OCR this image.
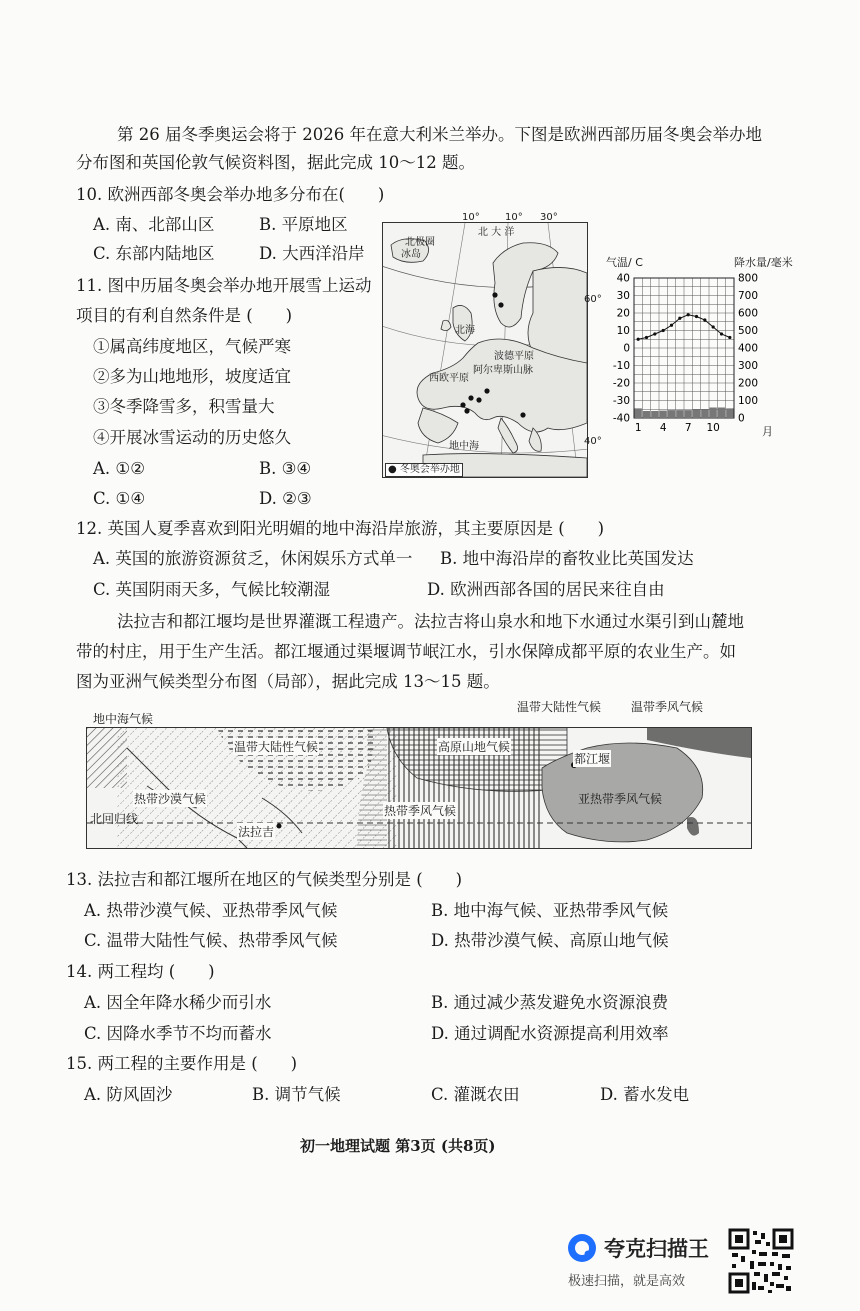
第 26 届冬季奥运会将于 2026 年在意大利米兰举办。下图是欧洲西部历届冬奥会举办地
分布图和英国伦敦气候资料图，据此完成 10～12 题。
10. 欧洲西部冬奥会举办地多分布在(　　)
A. 南、北部山区	B. 平原地区
C. 东部内陆地区	D. 大西洋沿岸
11. 图中历届冬奥会举办地开展雪上运动
项目的有利自然条件是 (　　)
①属高纬度地区，气候严寒
②多为山地地形，坡度适宜
③冬季降雪多，积雪量大
④开展冰雪运动的历史悠久
A. ①②	B. ③④
C. ①④	D. ②③
北极圈
冰岛
北 大 洋
北海
波德平原
阿尔卑斯山脉
西欧平原
地中海
● 冬奥会举办地
10°	10° 30°
60°
40°
气温/ C	降水量/毫米
月
40
30
20
10
0
-10
-20
-30
-40
800
700
600
500
400
300
200
100
0
1 4 7 10
12. 英国人夏季喜欢到阳光明媚的地中海沿岸旅游，其主要原因是 (　　)
A. 英国的旅游资源贫乏，休闲娱乐方式单一 B. 地中海沿岸的畜牧业比英国发达
C. 英国阴雨天多，气候比较潮湿	D. 欧洲西部各国的居民来往自由
法拉吉和都江堰均是世界灌溉工程遗产。法拉吉将山泉水和地下水通过水渠引到山麓地
带的村庄，用于生产生活。都江堰通过渠堰调节岷江水，引水保障成都平原的农业生产。如
图为亚洲气候类型分布图（局部），据此完成 13～15 题。
温带大陆性气候	高原山地气候
都江堰
热带沙漠气候
北回归线
法拉吉
热带季风气候
亚热带季风气候
地中海气候
温带大陆性气候 温带季风气候
13. 法拉吉和都江堰所在地区的气候类型分别是 (　　)
A. 热带沙漠气候、亚热带季风气候	B. 地中海气候、亚热带季风气候
C. 温带大陆性气候、热带季风气候	D. 热带沙漠气候、高原山地气候
14. 两工程均 (　　)
A. 因全年降水稀少而引水	B. 通过减少蒸发避免水资源浪费
C. 因降水季节不均而蓄水	D. 通过调配水资源提高利用效率
15. 两工程的主要作用是 (　　)
A. 防风固沙	B. 调节气候	C. 灌溉农田	D. 蓄水发电
初一地理试题 第3页 (共8页)
夸克扫描王
极速扫描，就是高效
